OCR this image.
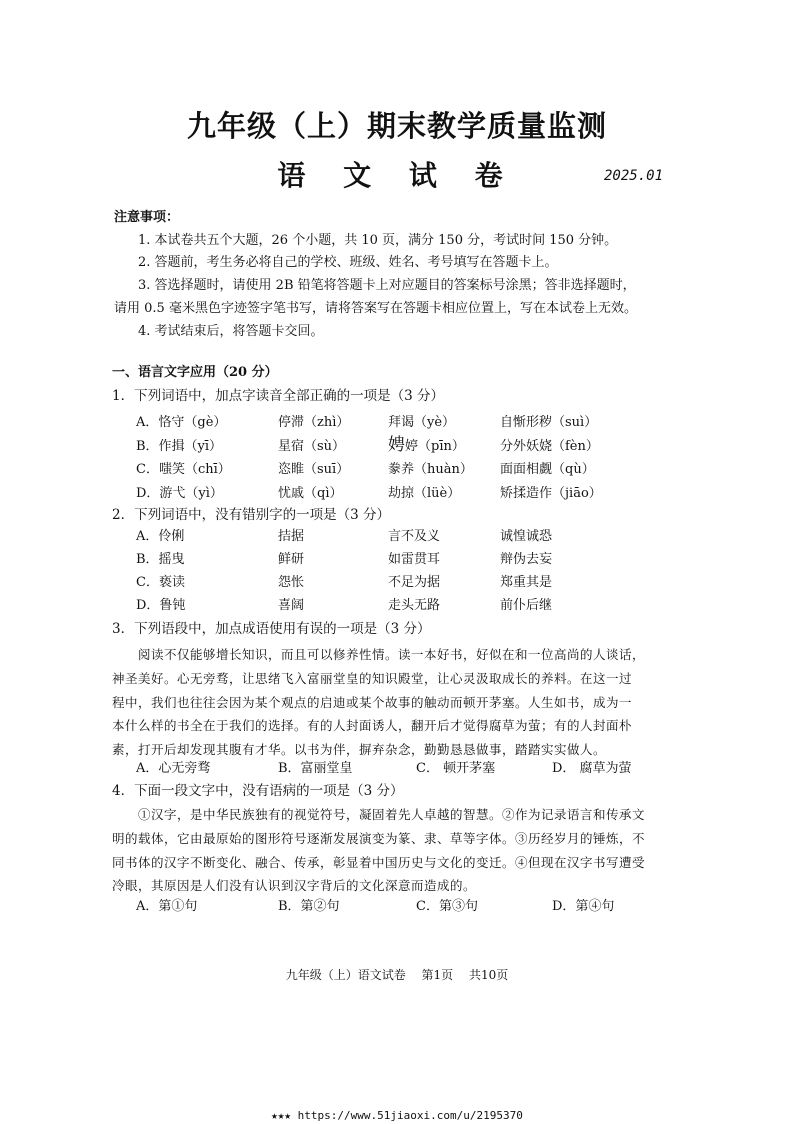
九年级（上）期末教学质量监测
语 文 试 卷	2025.01
注意事项：
1. 本试卷共五个大题，26 个小题，共 10 页，满分 150 分，考试时间 150 分钟。
2. 答题前，考生务必将自己的学校、班级、姓名、考号填写在答题卡上。
3. 答选择题时，请使用 2B 铅笔将答题卡上对应题目的答案标号涂黑；答非选择题时，
请用 0.5 毫米黑色字迹签字笔书写，请将答案写在答题卡相应位置上，写在本试卷上无效。
4. 考试结束后，将答题卡交回。
一、语言文字应用（20 分）
1．下列词语中，加点字读音全部正确的一项是（3 分）
A．恪守（gè）	停滞（zhì）	拜谒（yè）	自惭形秽（suì）
B．作揖（yī）	星宿（sù）	娉婷（pīn）	分外妖娆（fèn）
C．嗤笑（chī）	恣睢（suī）	豢养（huàn） 面面相觑（qù）
D．游弋（yì）	忧戚（qì）	劫掠（lüè）	矫揉造作（jiāo）
2．下列词语中，没有错别字的一项是（3 分）
A．伶俐	拮据	言不及义	诚惶诚恐
B．摇曳	鲜研	如雷贯耳	辩伪去妄
C．亵读	怨怅	不足为据	郑重其是
D．鲁钝	喜阔	走头无路	前仆后继
3．下列语段中，加点成语使用有误的一项是（3 分）
阅读不仅能够增长知识，而且可以修养性情。读一本好书，好似在和一位高尚的人谈话，
神圣美好。心无旁骛，让思绪飞入富丽堂皇的知识殿堂，让心灵汲取成长的养料。在这一过
程中，我们也往往会因为某个观点的启迪或某个故事的触动而顿开茅塞。人生如书，成为一
本什么样的书全在于我们的选择。有的人封面诱人，翻开后才觉得腐草为萤；有的人封面朴
素，打开后却发现其腹有才华。以书为伴，摒弃杂念，勤勤恳恳做事，踏踏实实做人。
A．心无旁骛	B．富丽堂皇	C． 顿开茅塞	D． 腐草为萤
4．下面一段文字中，没有语病的一项是（3 分）
①汉字，是中华民族独有的视觉符号，凝固着先人卓越的智慧。②作为记录语言和传承文
明的载体，它由最原始的图形符号逐渐发展演变为篆、隶、草等字体。③历经岁月的锤炼，不
同书体的汉字不断变化、融合、传承，彰显着中国历史与文化的变迁。④但现在汉字书写遭受
冷眼，其原因是人们没有认识到汉字背后的文化深意而造成的。
A．第①句	B．第②句	C．第③句	D．第④句
九年级（上）语文试卷　 第1页　 共10页
★★★ https://www.51jiaoxi.com/u/2195370
